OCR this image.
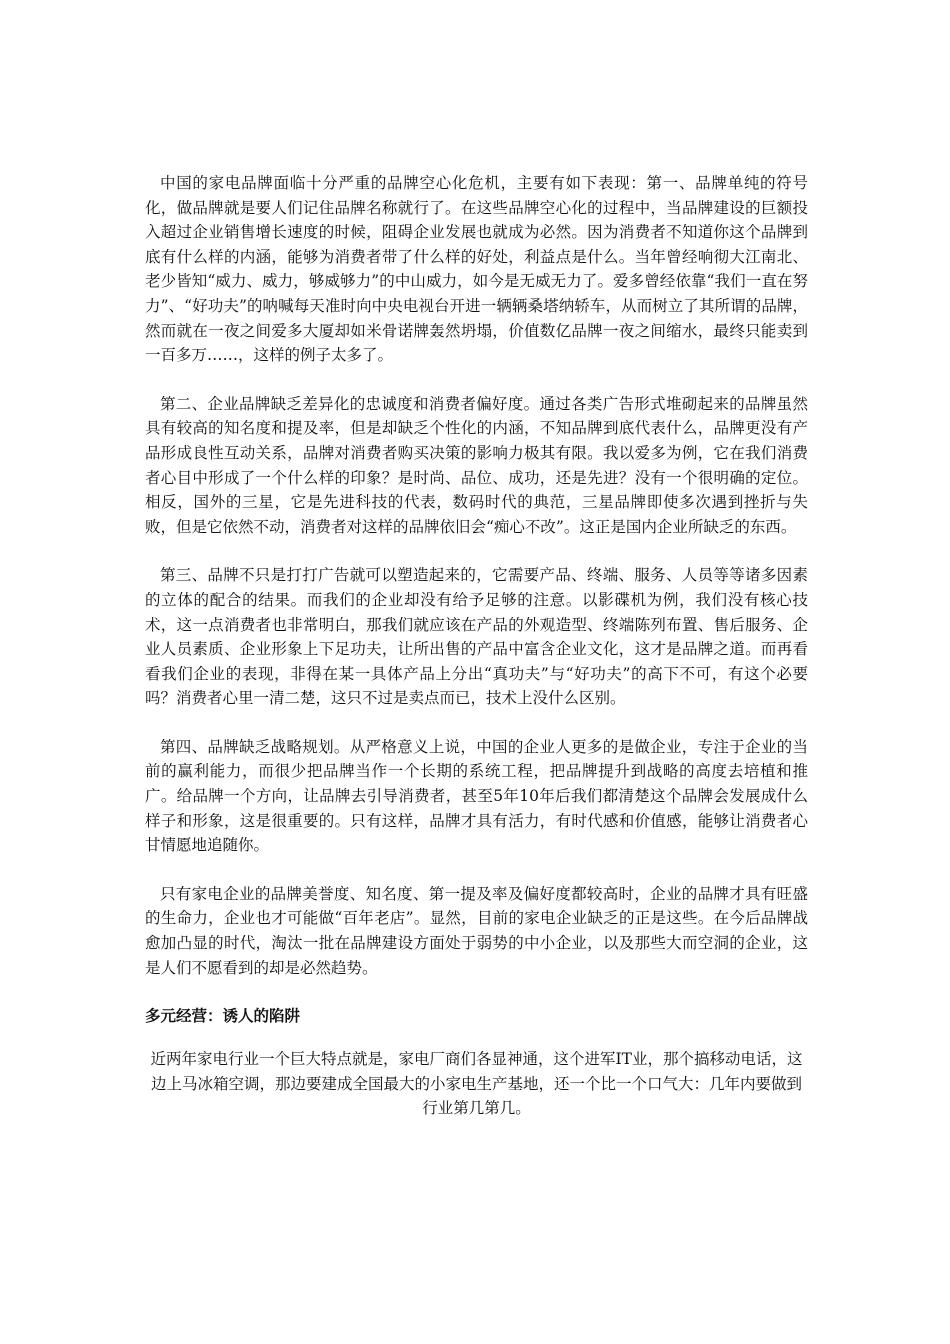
中国的家电品牌面临十分严重的品牌空心化危机，主要有如下表现：第一、品牌单纯的符号化，做品牌就是要人们记住品牌名称就行了。在这些品牌空心化的过程中，当品牌建设的巨额投入超过企业销售增长速度的时候，阻碍企业发展也就成为必然。因为消费者不知道你这个品牌到底有什么样的内涵，能够为消费者带了什么样的好处，利益点是什么。当年曾经响彻大江南北、老少皆知“威力、威力，够威够力”的中山威力，如今是无威无力了。爱多曾经依靠“我们一直在努力”、“好功夫”的呐喊每天准时向中央电视台开进一辆辆桑塔纳轿车，从而树立了其所谓的品牌，然而就在一夜之间爱多大厦却如米骨诺牌轰然坍塌，价值数亿品牌一夜之间缩水，最终只能卖到一百多万……，这样的例子太多了。

第二、企业品牌缺乏差异化的忠诚度和消费者偏好度。通过各类广告形式堆砌起来的品牌虽然具有较高的知名度和提及率，但是却缺乏个性化的内涵，不知品牌到底代表什么，品牌更没有产品形成良性互动关系，品牌对消费者购买决策的影响力极其有限。我以爱多为例，它在我们消费者心目中形成了一个什么样的印象？是时尚、品位、成功，还是先进？没有一个很明确的定位。相反，国外的三星，它是先进科技的代表，数码时代的典范，三星品牌即使多次遇到挫折与失败，但是它依然不动，消费者对这样的品牌依旧会“痴心不改”。这正是国内企业所缺乏的东西。

第三、品牌不只是打打广告就可以塑造起来的，它需要产品、终端、服务、人员等等诸多因素的立体的配合的结果。而我们的企业却没有给予足够的注意。以影碟机为例，我们没有核心技术，这一点消费者也非常明白，那我们就应该在产品的外观造型、终端陈列布置、售后服务、企业人员素质、企业形象上下足功夫，让所出售的产品中富含企业文化，这才是品牌之道。而再看看我们企业的表现，非得在某一具体产品上分出“真功夫”与“好功夫”的高下不可，有这个必要吗？消费者心里一清二楚，这只不过是卖点而已，技术上没什么区别。

第四、品牌缺乏战略规划。从严格意义上说，中国的企业人更多的是做企业，专注于企业的当前的赢利能力，而很少把品牌当作一个长期的系统工程，把品牌提升到战略的高度去培植和推广。给品牌一个方向，让品牌去引导消费者，甚至5年10年后我们都清楚这个品牌会发展成什么样子和形象，这是很重要的。只有这样，品牌才具有活力，有时代感和价值感，能够让消费者心甘情愿地追随你。

只有家电企业的品牌美誉度、知名度、第一提及率及偏好度都较高时，企业的品牌才具有旺盛的生命力，企业也才可能做“百年老店”。显然，目前的家电企业缺乏的正是这些。在今后品牌战愈加凸显的时代，淘汰一批在品牌建设方面处于弱势的中小企业，以及那些大而空洞的企业，这是人们不愿看到的却是必然趋势。

多元经营：诱人的陷阱

近两年家电行业一个巨大特点就是，家电厂商们各显神通，这个进军IT业，那个搞移动电话，这边上马冰箱空调，那边要建成全国最大的小家电生产基地，还一个比一个口气大：几年内要做到行业第几第几。
